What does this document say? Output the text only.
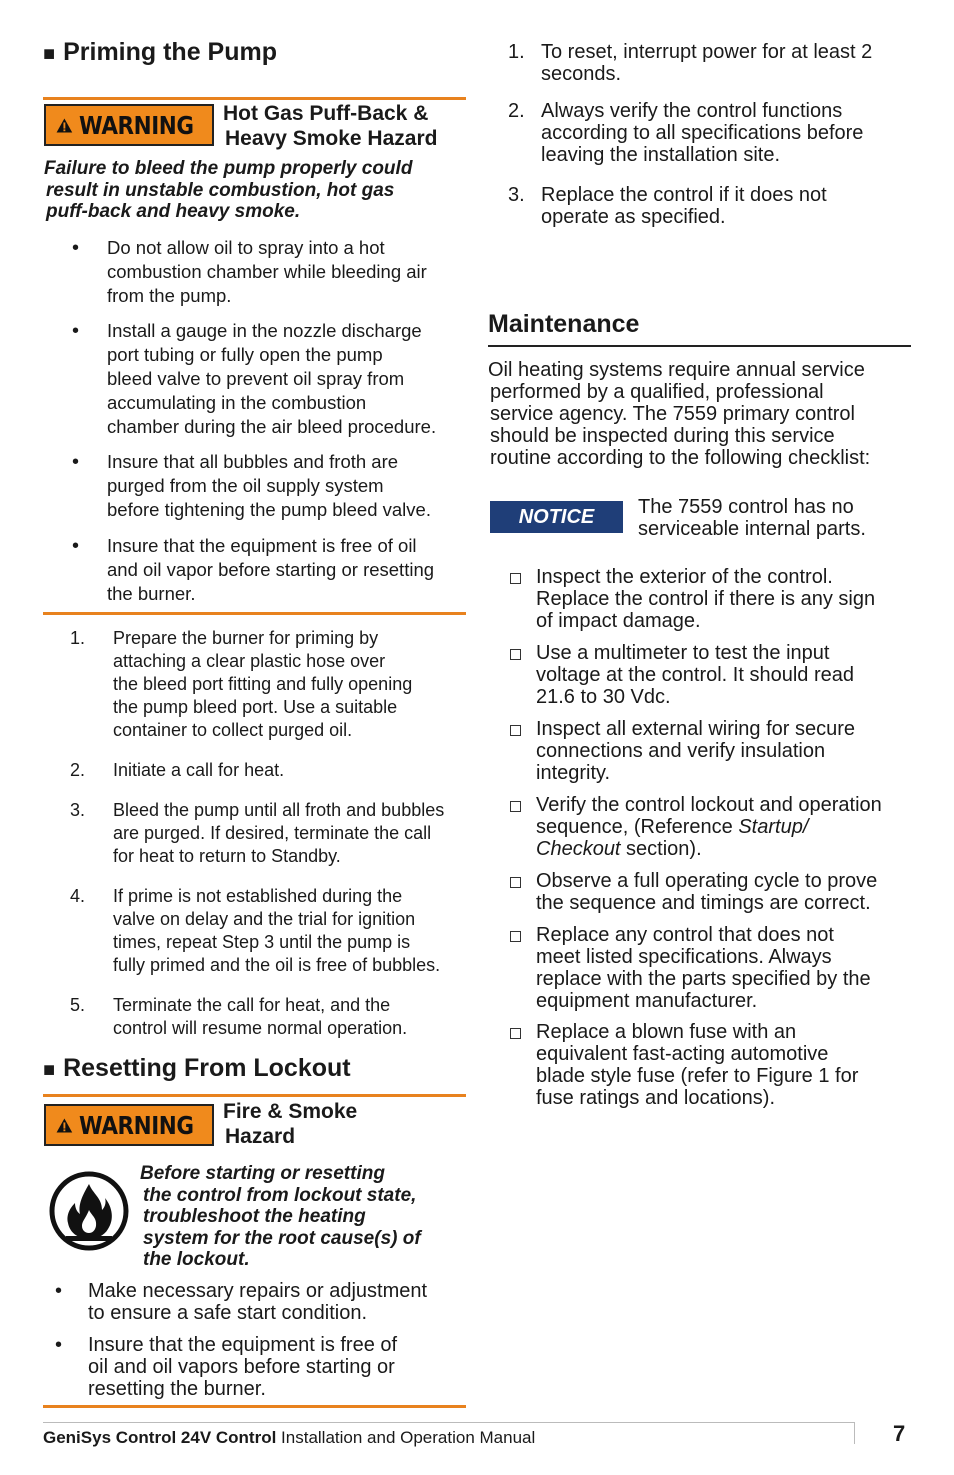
■ Priming the Pump
WARNING Hot Gas Puff-Back &
Heavy Smoke Hazard
Failure to bleed the pump properly could
result in unstable combustion, hot gas
puff-back and heavy smoke.
• Do not allow oil to spray into a hot
combustion chamber while bleeding air
from the pump.
• Install a gauge in the nozzle discharge
port tubing or fully open the pump
bleed valve to prevent oil spray from
accumulating in the combustion
chamber during the air bleed procedure.
• Insure that all bubbles and froth are
purged from the oil supply system
before tightening the pump bleed valve.
• Insure that the equipment is free of oil
and oil vapor before starting or resetting
the burner.
1. Prepare the burner for priming by
attaching a clear plastic hose over
the bleed port fitting and fully opening
the pump bleed port. Use a suitable
container to collect purged oil.
2. Initiate a call for heat.
3. Bleed the pump until all froth and bubbles
are purged. If desired, terminate the call
for heat to return to Standby.
4. If prime is not established during the
valve on delay and the trial for ignition
times, repeat Step 3 until the pump is
fully primed and the oil is free of bubbles.
5. Terminate the call for heat, and the
control will resume normal operation.
■ Resetting From Lockout
WARNING Fire & Smoke
Hazard
Before starting or resetting
the control from lockout state,
troubleshoot the heating
system for the root cause(s) of
the lockout.
• Make necessary repairs or adjustment
to ensure a safe start condition.
• Insure that the equipment is free of
oil and oil vapors before starting or
resetting the burner.
1. To reset, interrupt power for at least 2
seconds.
2. Always verify the control functions
according to all specifications before
leaving the installation site.
3. Replace the control if it does not
operate as specified.
Maintenance
Oil heating systems require annual service
performed by a qualified, professional
service agency. The 7559 primary control
should be inspected during this service
routine according to the following checklist:
NOTICE The 7559 control has no
serviceable internal parts.
Inspect the exterior of the control.
Replace the control if there is any sign
of impact damage.
Use a multimeter to test the input
voltage at the control. It should read
21.6 to 30 Vdc.
Inspect all external wiring for secure
connections and verify insulation
integrity.
Verify the control lockout and operation
sequence, (Reference Startup/
Checkout section).
Observe a full operating cycle to prove
the sequence and timings are correct.
Replace any control that does not
meet listed specifications. Always
replace with the parts specified by the
equipment manufacturer.
Replace a blown fuse with an
equivalent fast-acting automotive
blade style fuse (refer to Figure 1 for
fuse ratings and locations).
GeniSys Control 24V Control Installation and Operation Manual	7
